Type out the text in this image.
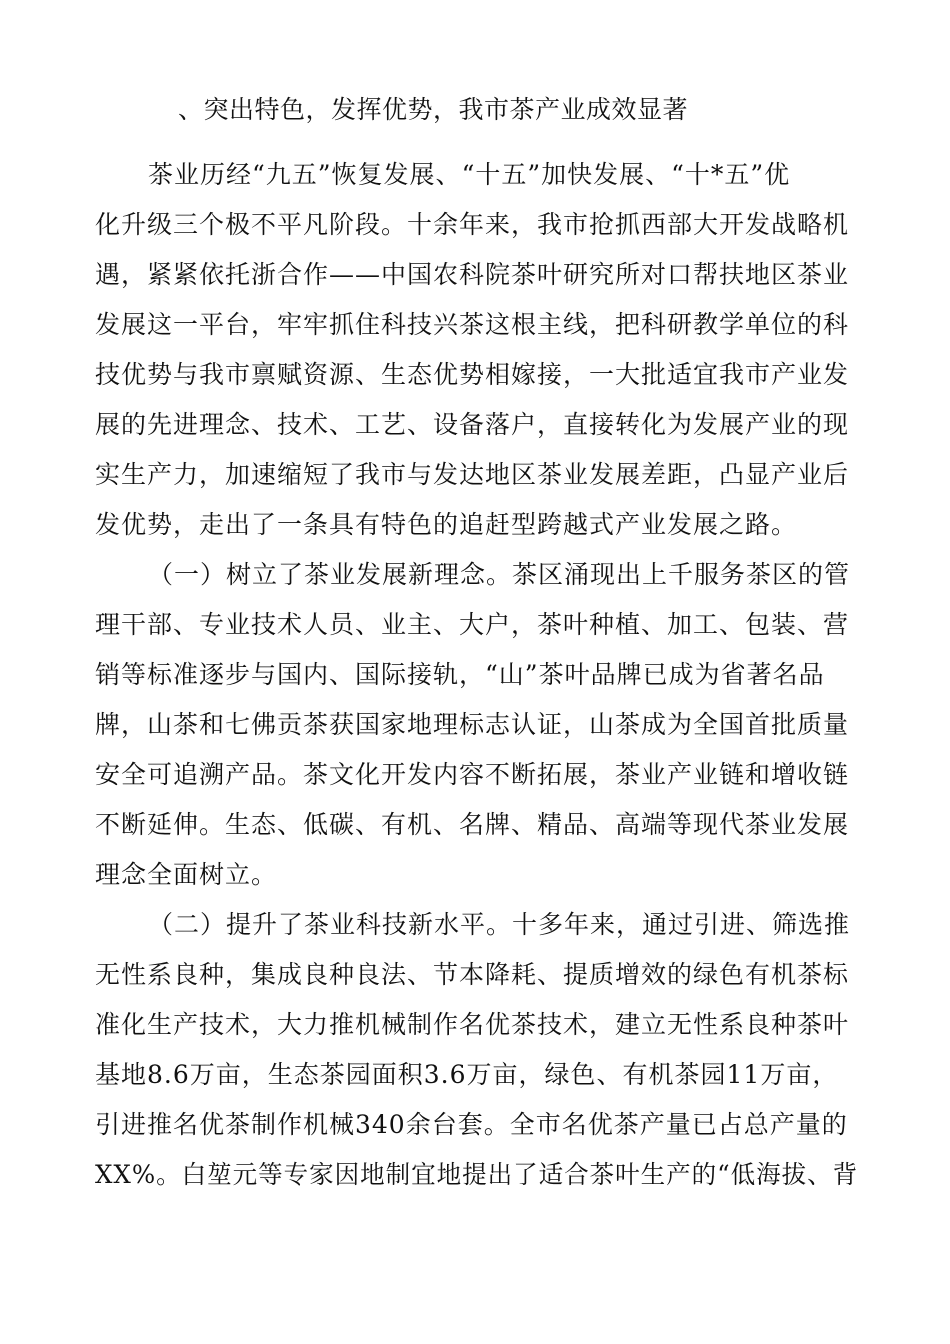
、突出特色，发挥优势，我市茶产业成效显著
茶业历经“九五”恢复发展、“十五”加快发展、“十*五”优
化升级三个极不平凡阶段。十余年来，我市抢抓西部大开发战略机
遇，紧紧依托浙合作——中国农科院茶叶研究所对口帮扶地区茶业
发展这一平台，牢牢抓住科技兴茶这根主线，把科研教学单位的科
技优势与我市禀赋资源、生态优势相嫁接，一大批适宜我市产业发
展的先进理念、技术、工艺、设备落户，直接转化为发展产业的现
实生产力，加速缩短了我市与发达地区茶业发展差距，凸显产业后
发优势，走出了一条具有特色的追赶型跨越式产业发展之路。
（一）树立了茶业发展新理念。茶区涌现出上千服务茶区的管
理干部、专业技术人员、业主、大户，茶叶种植、加工、包装、营
销等标准逐步与国内、国际接轨，“山”茶叶品牌已成为省著名品
牌，山茶和七佛贡茶获国家地理标志认证，山茶成为全国首批质量
安全可追溯产品。茶文化开发内容不断拓展，茶业产业链和增收链
不断延伸。生态、低碳、有机、名牌、精品、高端等现代茶业发展
理念全面树立。
（二）提升了茶业科技新水平。十多年来，通过引进、筛选推
无性系良种，集成良种良法、节本降耗、提质增效的绿色有机茶标
准化生产技术，大力推机械制作名优茶技术，建立无性系良种茶叶
基地8.6万亩，生态茶园面积3.6万亩，绿色、有机茶园11万亩，
引进推名优茶制作机械340余台套。全市名优茶产量已占总产量的
XX%。白堃元等专家因地制宜地提出了适合茶叶生产的“低海拔、背
